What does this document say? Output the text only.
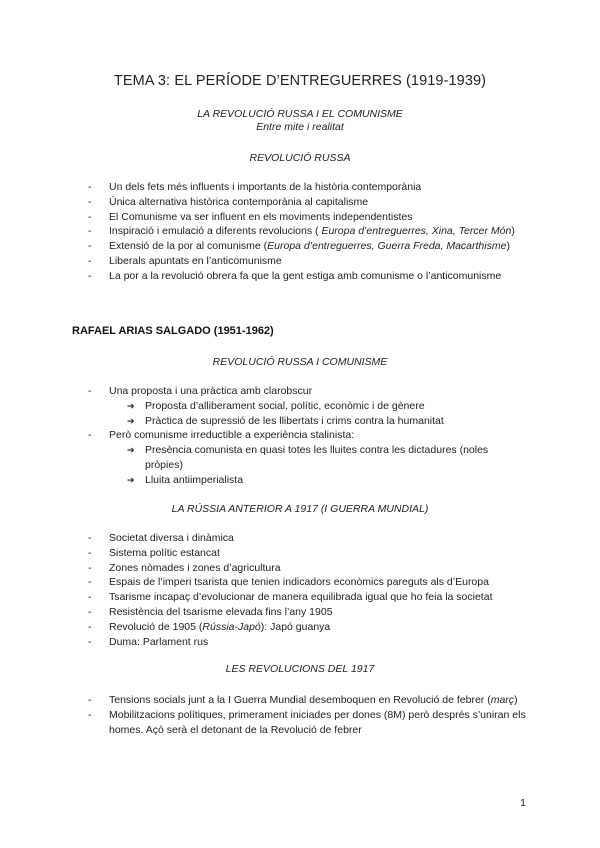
TEMA 3: EL PERÍODE D’ENTREGUERRES (1919-1939)
LA REVOLUCIÓ RUSSA I EL COMUNISME
Entre mite i realitat
REVOLUCIÓ RUSSA
- Un dels fets més influents i importants de la història contemporània
- Única alternativa històrica contemporània al capitalisme
- El Comunisme va ser influent en els moviments independentistes
- Inspiració i emulació a diferents revolucions ( Europa d’entreguerres, Xina, Tercer Món)
- Extensió de la por al comunisme (Europa d’entreguerres, Guerra Freda, Macarthisme)
- Liberals apuntats en l’anticomunisme
- La por a la revolució obrera fa que la gent estiga amb comunisme o l’anticomunisme
RAFAEL ARIAS SALGADO (1951-1962)
REVOLUCIÓ RUSSA I COMUNISME
- Una proposta i una pràctica amb clarobscur
➔ Proposta d’alliberament social, polític, econòmic i de gènere
➔ Pràctica de supressió de les llibertats i crims contra la humanitat
- Però comunisme irreductible a experiència stalinista:
➔ Presència comunista en quasi totes les lluites contra les dictadures (noles pròpies)
➔ Lluita antiimperialista
LA RÚSSIA ANTERIOR A 1917 (I GUERRA MUNDIAL)
- Societat diversa i dinàmica
- Sistema polític estancat
- Zones nòmades i zones d’agricultura
- Espais de l’imperi tsarista que tenien indicadors econòmics pareguts als d’Europa
- Tsarisme incapaç d’evolucionar de manera equilibrada igual que ho feia la societat
- Resistència del tsarisme elevada fins l’any 1905
- Revolució de 1905 (Rússia-Japó): Japó guanya
- Duma: Parlament rus
LES REVOLUCIONS DEL 1917
- Tensions socials junt a la I Guerra Mundial desemboquen en Revolució de febrer (març)
- Mobilitzacions polítiques, primerament iniciades per dones (8M) però després s’uniran els homes. Açò serà el detonant de la Revolució de febrer
1
